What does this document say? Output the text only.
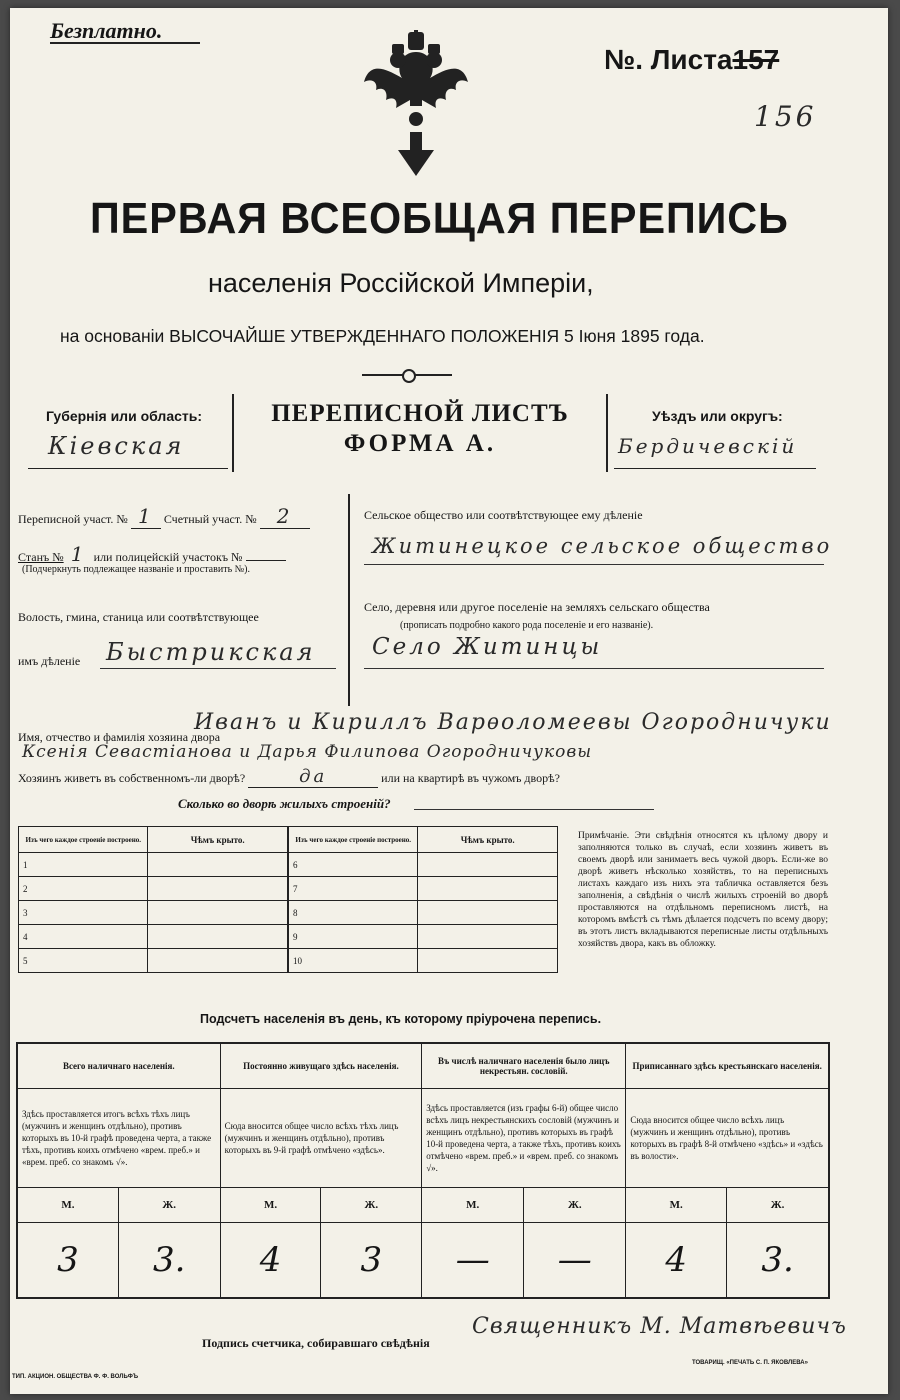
Безплатно.
№. Листа157
156
ПЕРВАЯ ВСЕОБЩАЯ ПЕРЕПИСЬ
населенія Россійской Имперіи,
на основаніи ВЫСОЧАЙШЕ УТВЕРЖДЕННАГО ПОЛОЖЕНІЯ 5 Іюня 1895 года.
Губернія или область:
Кіевская
ПЕРЕПИСНОЙ ЛИСТЪ
ФОРМА А.
Уѣздъ или округъ:
Бердичевскій
Переписной участ. № 1 Счетный участ. № 2
Станъ № 1 или полицейскій участокъ №
(Подчеркнуть подлежащее названіе и проставить №).
Волость, гмина, станица или соотвѣтствующее
имъ дѣленіе Быстрикская
Сельское общество или соотвѣтствующее ему дѣленіе
Житинецкое сельское общество
Село, деревня или другое поселеніе на земляхъ сельскаго общества
(прописать подробно какого рода поселеніе и его названіе).
Село Житинцы
Имя, отчество и фамилія хозяина двора
Иванъ и Кириллъ Варѳоломеевы Огородничуки
Ксенія Севастіанова и Дарья Филипова Огородничуковы
Хозяинъ живетъ въ собственномъ-ли дворѣ?	да	или на квартирѣ въ чужомъ дворѣ?
Сколько во дворѣ жилыхъ строеній?
Изъ чего каждое строеніе построено.	Чѣмъ крыто.	Изъ чего каждое строеніе построено.	Чѣмъ крыто.
1		6	
2		7	
3		8	
4		9	
5		10	
Примѣчаніе. Эти свѣдѣнія относятся къ цѣлому двору и заполняются только въ случаѣ, если хозяинъ живетъ въ своемъ дворѣ или занимаетъ весь чужой дворъ. Если-же во дворѣ живетъ нѣсколько хозяйствъ, то на переписныхъ листахъ каждаго изъ нихъ эта табличка оставляется безъ заполненія, а свѣдѣнія о числѣ жилыхъ строеній во дворѣ проставляются на отдѣльномъ переписномъ листѣ, на которомъ вмѣстѣ съ тѣмъ дѣлается подсчетъ по всему двору; въ этотъ листъ вкладываются переписные листы отдѣльныхъ хозяйствъ двора, какъ въ обложку.
Подсчетъ населенія въ день, къ которому пріурочена перепись.
Всего наличнаго населенія.		Постоянно живущаго здѣсь населенія.		Въ числѣ наличнаго населенія было лицъ некрестьян. сословій.		Приписаннаго здѣсь крестьянскаго населенія.	
Здѣсь проставляется итогъ всѣхъ тѣхъ лицъ (мужчинъ и женщинъ отдѣльно), противъ которыхъ въ 10-й графѣ проведена черта, а также тѣхъ, противъ коихъ отмѣчено «врем. преб.» и «врем. преб. со знакомъ √».		Сюда вносится общее число всѣхъ тѣхъ лицъ (мужчинъ и женщинъ отдѣльно), противъ которыхъ въ 9-й графѣ отмѣчено «здѣсь».		Здѣсь проставляется (изъ графы 6-й) общее число всѣхъ лицъ некрестьянскихъ сословій (мужчинъ и женщинъ отдѣльно), противъ которыхъ въ графѣ 10-й проведена черта, а также тѣхъ, противъ коихъ отмѣчено «врем. преб.» и «врем. преб. со знакомъ √».		Сюда вносится общее число всѣхъ лицъ (мужчинъ и женщинъ отдѣльно), противъ которыхъ въ графѣ 8-й отмѣчено «здѣсь» и «здѣсь въ волости».	
М.	Ж.	М.	Ж.	М.	Ж.	М.	Ж.
3	3.	4	3	—	—	4	3.
Подпись счетчика, собиравшаго свѣдѣнія
Священникъ М. Матвѣевичъ
ТИП. АКЦИОН. ОБЩЕСТВА Ф. Ф. ВОЛЬФЪ
ТОВАРИЩ. «ПЕЧАТЬ С. П. ЯКОВЛЕВА»
